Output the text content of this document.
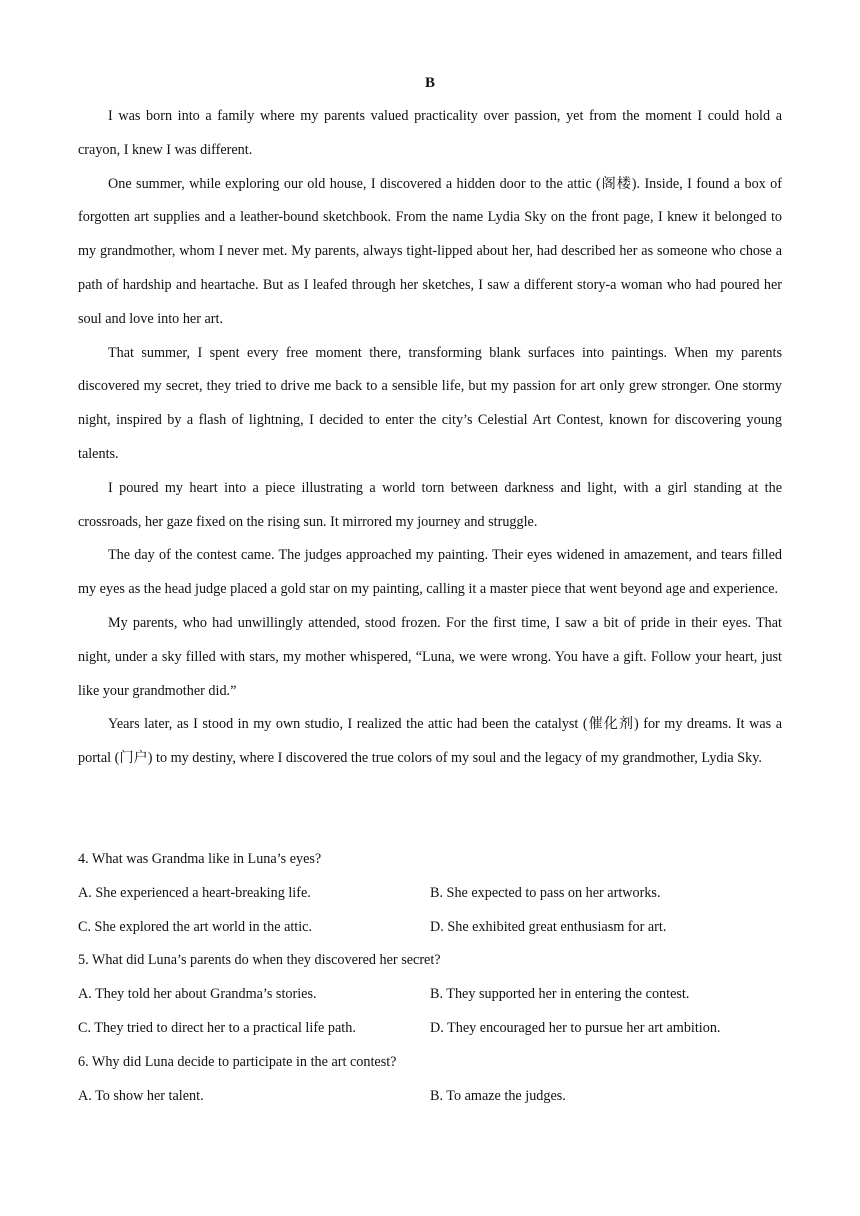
B

I was born into a family where my parents valued practicality over passion, yet from the moment I could hold a crayon, I knew I was different.

One summer, while exploring our old house, I discovered a hidden door to the attic (阁楼). Inside, I found a box of forgotten art supplies and a leather-bound sketchbook. From the name Lydia Sky on the front page, I knew it belonged to my grandmother, whom I never met. My parents, always tight-lipped about her, had described her as someone who chose a path of hardship and heartache. But as I leafed through her sketches, I saw a different story-a woman who had poured her soul and love into her art.

That summer, I spent every free moment there, transforming blank surfaces into paintings. When my parents discovered my secret, they tried to drive me back to a sensible life, but my passion for art only grew stronger. One stormy night, inspired by a flash of lightning, I decided to enter the city’s Celestial Art Contest, known for discovering young talents.

I poured my heart into a piece illustrating a world torn between darkness and light, with a girl standing at the crossroads, her gaze fixed on the rising sun. It mirrored my journey and struggle.

The day of the contest came. The judges approached my painting. Their eyes widened in amazement, and tears filled my eyes as the head judge placed a gold star on my painting, calling it a master piece that went beyond age and experience.

My parents, who had unwillingly attended, stood frozen. For the first time, I saw a bit of pride in their eyes. That night, under a sky filled with stars, my mother whispered, “Luna, we were wrong. You have a gift. Follow your heart, just like your grandmother did.”

Years later, as I stood in my own studio, I realized the attic had been the catalyst (催化剂) for my dreams. It was a portal (门户) to my destiny, where I discovered the true colors of my soul and the legacy of my grandmother, Lydia Sky.

4. What was Grandma like in Luna’s eyes?

A. She experienced a heart-breaking life.	B. She expected to pass on her artworks.
C. She explored the art world in the attic.	D. She exhibited great enthusiasm for art.

5. What did Luna’s parents do when they discovered her secret?

A. They told her about Grandma’s stories.	B. They supported her in entering the contest.
C. They tried to direct her to a practical life path.	D. They encouraged her to pursue her art ambition.

6. Why did Luna decide to participate in the art contest?

A. To show her talent.	B. To amaze the judges.
